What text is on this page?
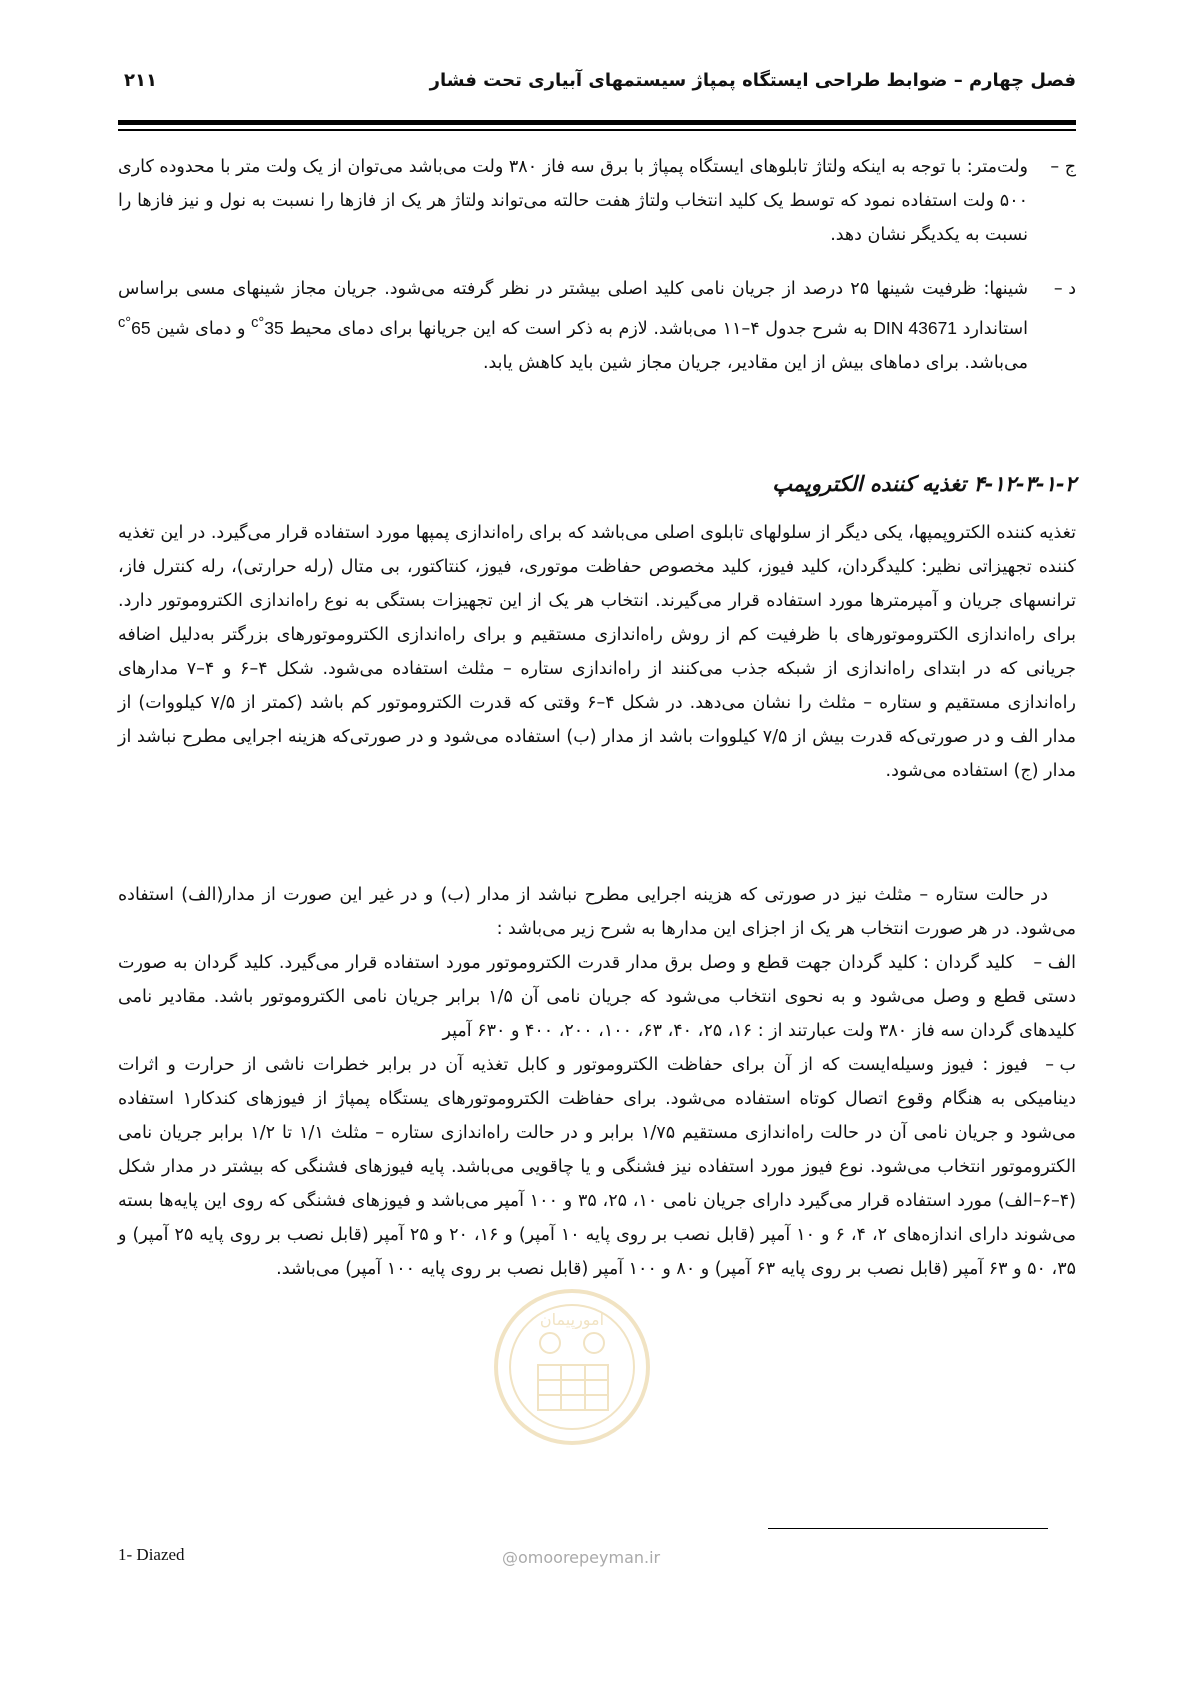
فصل چهارم – ضوابط طراحی ایستگاه پمپاژ سیستمهای آبیاری تحت فشار
۲۱۱
ج –
ولت‌متر: با توجه به اینکه ولتاژ تابلوهای ایستگاه پمپاژ با برق سه فاز ۳۸۰ ولت می‌باشد می‌توان از یک ولت متر با محدوده کاری ۵۰۰ ولت استفاده نمود که توسط یک کلید انتخاب ولتاژ هفت حالته می‌تواند ولتاژ هر یک از فازها را نسبت به نول و نیز فازها را نسبت به یکدیگر نشان دهد.
د –
شینها: ظرفیت شینها ۲۵ درصد از جریان نامی کلید اصلی بیشتر در نظر گرفته می‌شود. جریان مجاز شینهای مسی براساس استاندارد DIN 43671 به شرح جدول ۴–۱۱ می‌باشد. لازم به ذکر است که این جریانها برای دمای محیط $35^{^\circ c}$ و دمای شین $65^{^\circ c}$ می‌باشد. برای دماهای بیش از این مقادیر، جریان مجاز شین باید کاهش یابد.
۴-۱۲-۳-۱-۲ تغذیه کننده الکتروپمپ

تغذیه کننده الکتروپمپها، یکی دیگر از سلولهای تابلوی اصلی می‌باشد که برای راه‌اندازی پمپها مورد استفاده قرار می‌گیرد. در این تغذیه کننده تجهیزاتی نظیر: کلیدگردان، کلید فیوز، کلید مخصوص حفاظت موتوری، فیوز، کنتاکتور، بی متال (رله حرارتی)، رله کنترل فاز، ترانسهای جریان و آمپرمترها مورد استفاده قرار می‌گیرند. انتخاب هر یک از این تجهیزات بستگی به نوع راه‌اندازی الکتروموتور دارد. برای راه‌اندازی الکتروموتورهای با ظرفیت کم از روش راه‌اندازی مستقیم و برای راه‌اندازی الکتروموتورهای بزرگتر به‌دلیل اضافه جریانی که در ابتدای راه‌اندازی از شبکه جذب می‌کنند از راه‌اندازی ستاره – مثلث استفاده می‌شود. شکل ۴–۶ و ۴–۷ مدارهای راه‌اندازی مستقیم و ستاره – مثلث را نشان می‌دهد. در شکل ۴–۶ وقتی که قدرت الکتروموتور کم باشد (کمتر از ۷/۵ کیلووات) از مدار الف و در صورتی‌که قدرت بیش از ۷/۵ کیلووات باشد از مدار (ب) استفاده می‌شود و در صورتی‌که هزینه اجرایی مطرح نباشد از مدار (ج) استفاده می‌شود.

در حالت ستاره – مثلث نیز در صورتی که هزینه اجرایی مطرح نباشد از مدار (ب) و در غیر این صورت از مدار(الف) استفاده می‌شود. در هر صورت انتخاب هر یک از اجزای این مدارها به شرح زیر می‌باشد :

الف –
کلید گردان : کلید گردان جهت قطع و وصل برق مدار قدرت الکتروموتور مورد استفاده قرار می‌گیرد. کلید گردان به صورت دستی قطع و وصل می‌شود و به نحوی انتخاب می‌شود که جریان نامی آن ۱/۵ برابر جریان نامی الکتروموتور باشد. مقادیر نامی کلیدهای گردان سه فاز ۳۸۰ ولت عبارتند از : ۱۶، ۲۵، ۴۰، ۶۳، ۱۰۰، ۲۰۰، ۴۰۰ و ۶۳۰ آمپر
ب –
فیوز : فیوز وسیله‌ایست که از آن برای حفاظت الکتروموتور و کابل تغذیه آن در برابر خطرات ناشی از حرارت و اثرات دینامیکی به هنگام وقوع اتصال کوتاه استفاده می‌شود. برای حفاظت الکتروموتورهای یستگاه پمپاژ از فیوزهای کندکار۱ استفاده می‌شود و جریان نامی آن در حالت راه‌اندازی مستقیم ۱/۷۵ برابر و در حالت راه‌اندازی ستاره – مثلث ۱/۱ تا ۱/۲ برابر جریان نامی الکتروموتور انتخاب می‌شود. نوع فیوز مورد استفاده نیز فشنگی و یا چاقویی می‌باشد. پایه فیوزهای فشنگی که بیشتر در مدار شکل (۴–۶–الف) مورد استفاده قرار می‌گیرد دارای جریان نامی ۱۰، ۲۵، ۳۵ و ۱۰۰ آمپر می‌باشد و فیوزهای فشنگی که روی این پایه‌ها بسته می‌شوند دارای اندازه‌های ۲، ۴، ۶ و ۱۰ آمپر (قابل نصب بر روی پایه ۱۰ آمپر) و ۱۶، ۲۰ و ۲۵ آمپر (قابل نصب بر روی پایه ۲۵ آمپر) و ۳۵، ۵۰ و ۶۳ آمپر (قابل نصب بر روی پایه ۶۳ آمپر) و ۸۰ و ۱۰۰ آمپر (قابل نصب بر روی پایه ۱۰۰ آمپر) می‌باشد.
امورپیمان
1- Diazed	@omoorepeyman.ir
